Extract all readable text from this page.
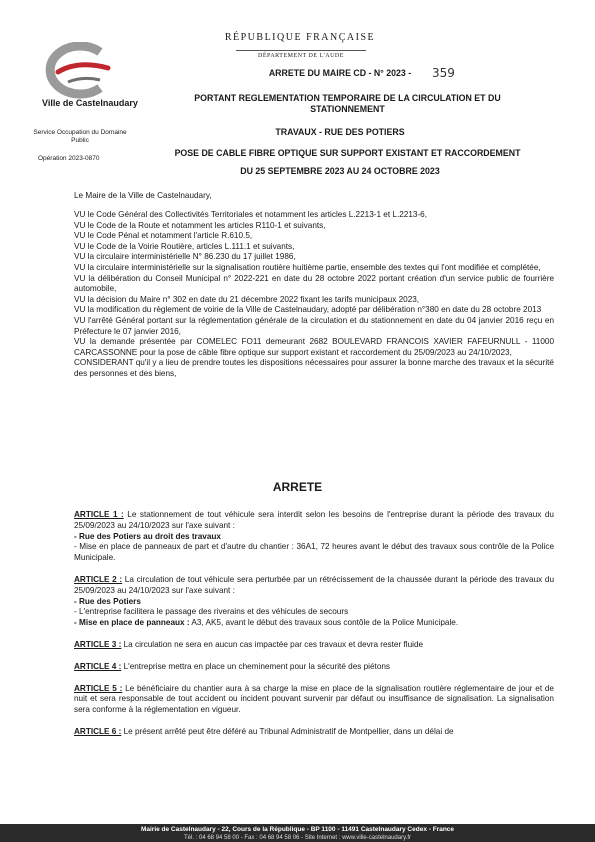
Ville de Castelnaudary
Service Occupation du Domaine Public
Opération 2023-0870
RÉPUBLIQUE FRANÇAISE
DÉPARTEMENT DE L'AUDE
ARRETE DU MAIRE CD - N° 2023 -	359
PORTANT REGLEMENTATION TEMPORAIRE DE LA CIRCULATION ET DU STATIONNEMENT
TRAVAUX - RUE DES POTIERS
POSE DE CABLE FIBRE OPTIQUE SUR SUPPORT EXISTANT ET RACCORDEMENT
DU 25 SEPTEMBRE 2023 AU 24 OCTOBRE 2023
Le Maire de la Ville de Castelnaudary,

VU le Code Général des Collectivités Territoriales et notamment les articles L.2213-1 et L.2213-6,

VU le Code de la Route et notamment les articles R110-1 et suivants,

VU le Code Pénal et notamment l'article R.610.5,

VU le Code de la Voirie Routière, articles L.111.1 et suivants,

VU la circulaire interministérielle N° 86.230 du 17 juillet 1986,

VU la circulaire interministérielle sur la signalisation routière huitième partie, ensemble des textes qui l'ont modifiée et complétée,

VU la délibération du Conseil Municipal n° 2022-221 en date du 28 octobre 2022 portant création d'un service public de fourrière automobile,

VU la décision du Maire n° 302 en date du 21 décembre 2022 fixant les tarifs municipaux 2023,

VU la modification du règlement de voirie de la Ville de Castelnaudary, adopté par délibération n°380 en date du 28 octobre 2013

VU l'arrêté Général portant sur la réglementation générale de la circulation et du stationnement en date du 04 janvier 2016 reçu en Préfecture le 07 janvier 2016,

VU la demande présentée par COMELEC FO11 demeurant 2682 BOULEVARD FRANCOIS XAVIER FAFEURNULL - 11000 CARCASSONNE pour la pose de câble fibre optique sur support existant et raccordement du 25/09/2023 au 24/10/2023,

CONSIDERANT qu'il y a lieu de prendre toutes les dispositions nécessaires pour assurer la bonne marche des travaux et la sécurité des personnes et des biens,

ARRETE

ARTICLE 1 : Le stationnement de tout véhicule sera interdit selon les besoins de l'entreprise durant la période des travaux du 25/09/2023 au 24/10/2023 sur l'axe suivant :

- Rue des Potiers au droit des travaux

- Mise en place de panneaux de part et d'autre du chantier : 36A1, 72 heures avant le début des travaux sous contrôle de la Police Municipale.

ARTICLE 2 : La circulation de tout véhicule sera perturbée par un rétrécissement de la chaussée durant la période des travaux du 25/09/2023 au 24/10/2023 sur l'axe suivant :

- Rue des Potiers

- L'entreprise facilitera le passage des riverains et des véhicules de secours

- Mise en place de panneaux : A3, AK5, avant le début des travaux sous contôle de la Police Municipale.

ARTICLE 3 : La circulation ne sera en aucun cas impactée par ces travaux et devra rester fluide

ARTICLE 4 : L'entreprise mettra en place un cheminement pour la sécurité des piétons

ARTICLE 5 : Le bénéficiaire du chantier aura à sa charge la mise en place de la signalisation routière réglementaire de jour et de nuit et sera responsable de tout accident ou incident pouvant survenir par défaut ou insuffisance de signalisation. La signalisation sera conforme à la réglementation en vigueur.

ARTICLE 6 : Le présent arrêté peut être déféré au Tribunal Administratif de Montpellier, dans un délai de

Mairie de Castelnaudary - 22, Cours de la République - BP 1100 - 11491 Castelnaudary Cedex - France
Tél. : 04 68 94 58 00 - Fax : 04 68 94 58 06 - Site Internet : www.ville-castelnaudary.fr
